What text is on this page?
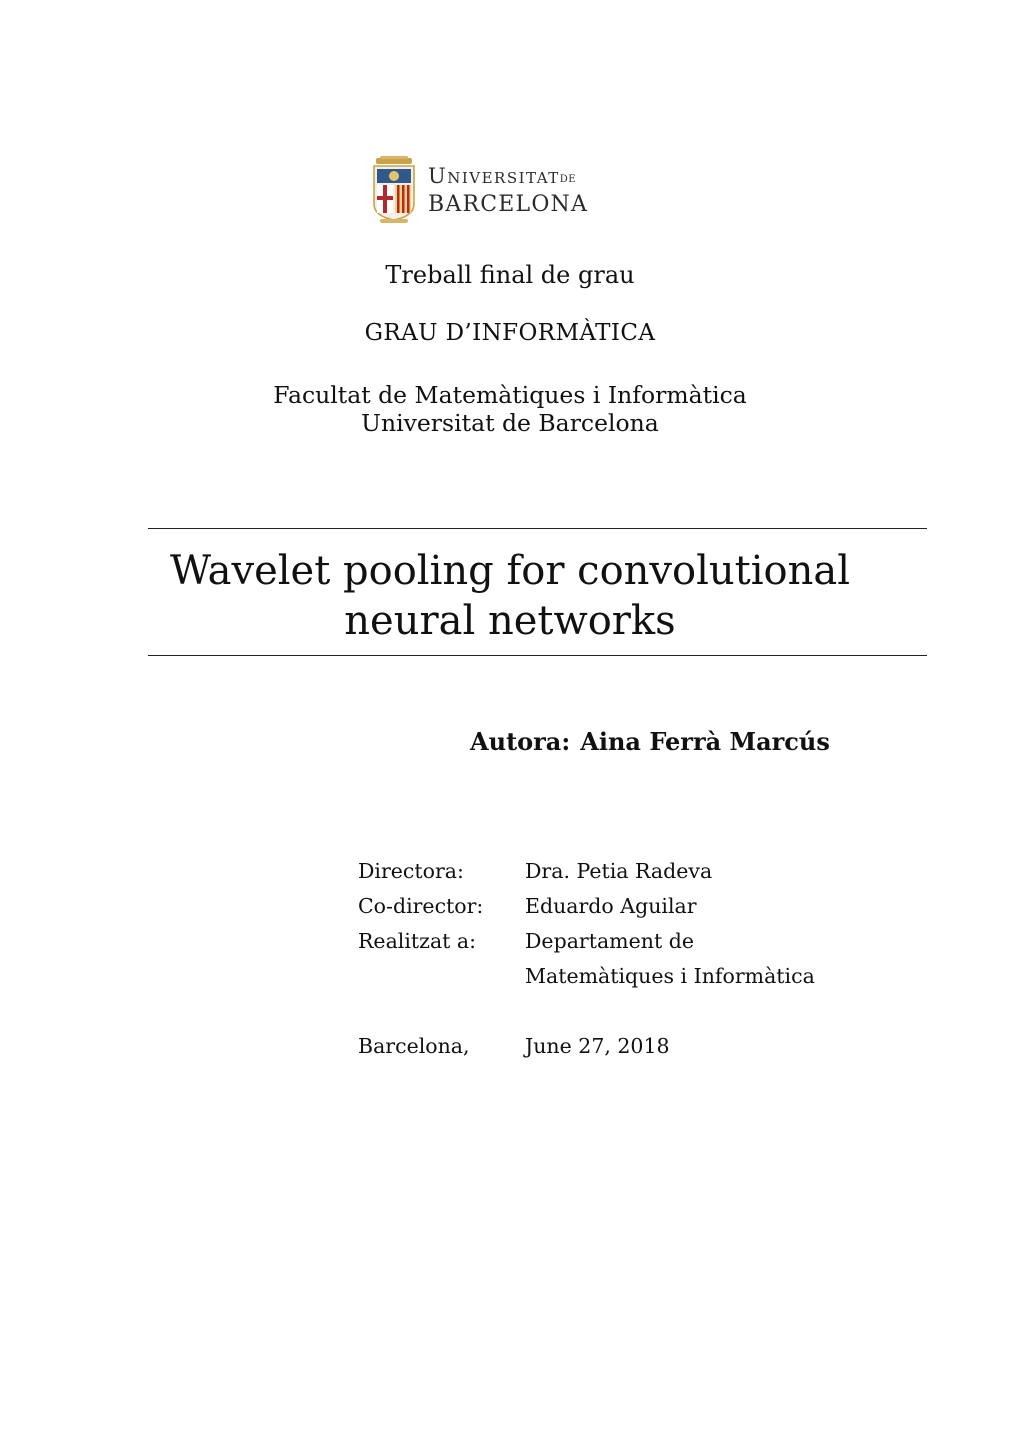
UniversitatDE
BARCELONA
Treball final de grau
GRAU D’INFORMÀTICA
Facultat de Matemàtiques i Informàtica
Universitat de Barcelona
Wavelet pooling for convolutional
neural networks
Autora: Aina Ferrà Marcús
Directora:	Dra. Petia Radeva
Co-director: Eduardo Aguilar
Realitzat a: Departament de
Matemàtiques i Informàtica
Barcelona,	June 27, 2018
